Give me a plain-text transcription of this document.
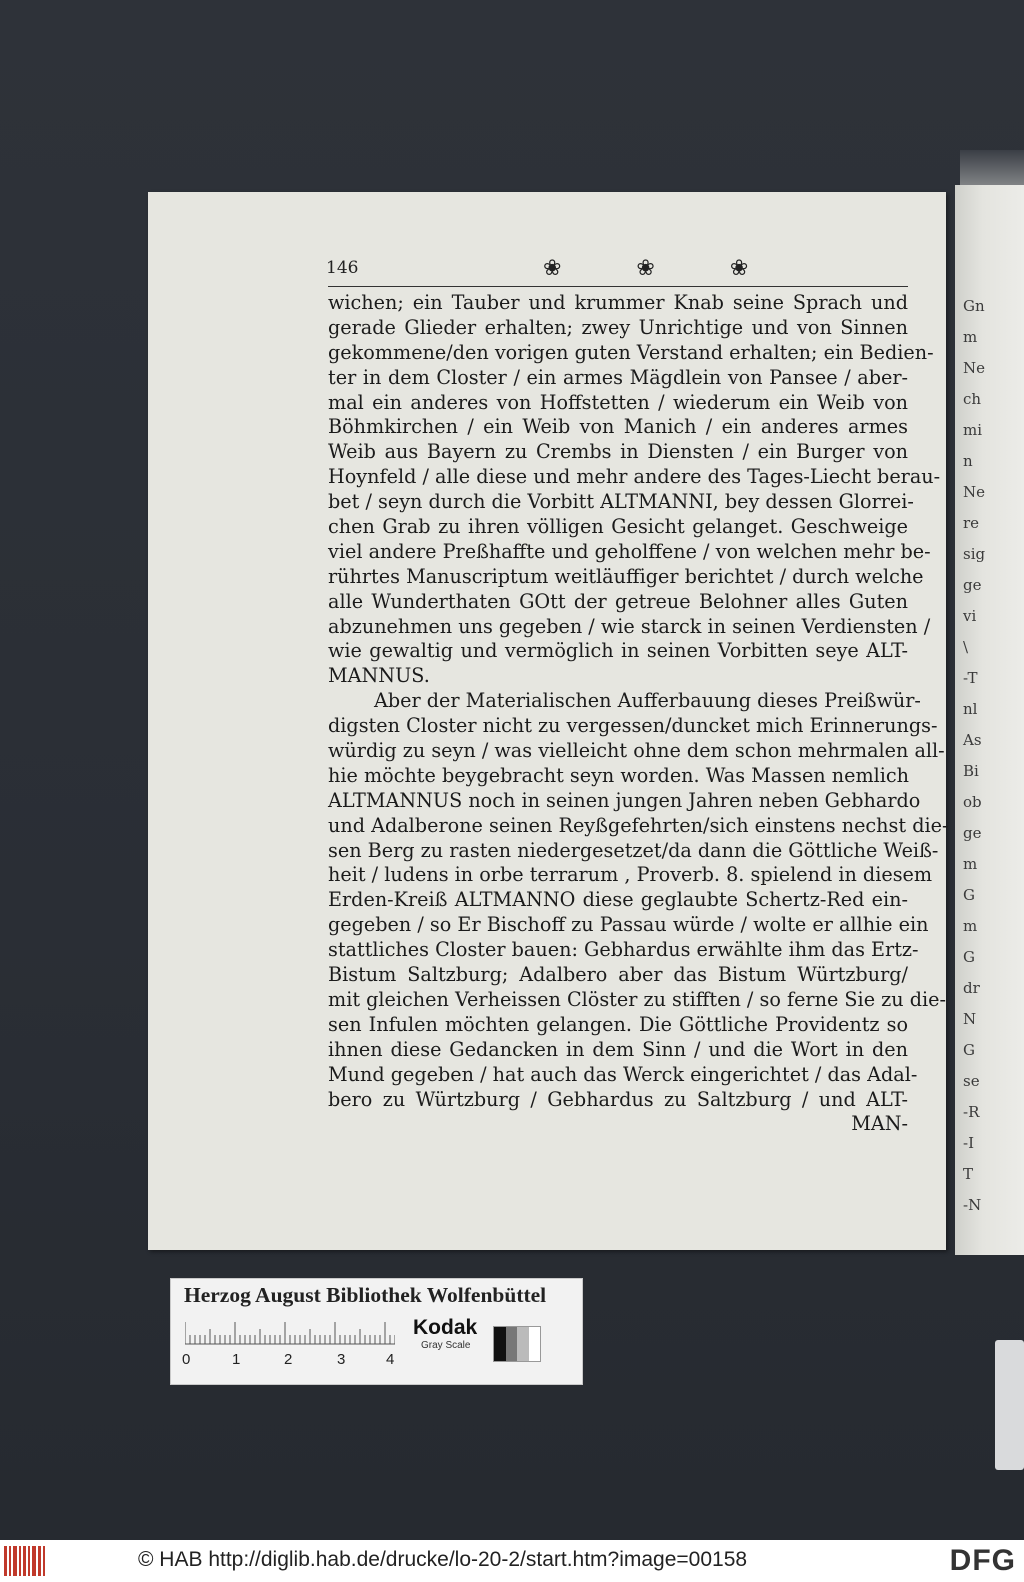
Gn
m
Ne
ch
mi
n
Ne
re
sig
ge
vi
\
-T
nl
As
Bi
ob
ge
m
G
m
G
dr
N
G
se
-R
-I
T
-N
146	❀ ❀ ❀
wichen; ein Tauber und krummer Knab seine Sprach und
gerade Glieder erhalten; zwey Unrichtige und von Sinnen
gekommene/den vorigen guten Verstand erhalten; ein Bedien-
ter in dem Closter / ein armes Mägdlein von Pansee / aber-
mal ein anderes von Hoffstetten / wiederum ein Weib von
Böhmkirchen / ein Weib von Manich / ein anderes armes
Weib aus Bayern zu Crembs in Diensten / ein Burger von
Hoynfeld / alle diese und mehr andere des Tages-Liecht berau-
bet / seyn durch die Vorbitt ALTMANNI, bey dessen Glorrei-
chen Grab zu ihren völligen Gesicht gelanget. Geschweige
viel andere Preßhaffte und geholffene / von welchen mehr be-
rührtes Manuscriptum weitläuffiger berichtet / durch welche
alle Wunderthaten GOtt der getreue Belohner alles Guten
abzunehmen uns gegeben / wie starck in seinen Verdiensten /
wie gewaltig und vermöglich in seinen Vorbitten seye ALT-
MANNUS.
Aber der Materialischen Aufferbauung dieses Preißwür-
digsten Closter nicht zu vergessen/duncket mich Erinnerungs-
würdig zu seyn / was vielleicht ohne dem schon mehrmalen all-
hie möchte beygebracht seyn worden. Was Massen nemlich
ALTMANNUS noch in seinen jungen Jahren neben Gebhardo
und Adalberone seinen Reyßgefehrten/sich einstens nechst die-
sen Berg zu rasten niedergesetzet/da dann die Göttliche Weiß-
heit / ludens in orbe terrarum , Proverb. 8. spielend in diesem
Erden-Kreiß ALTMANNO diese geglaubte Schertz-Red ein-
gegeben / so Er Bischoff zu Passau würde / wolte er allhie ein
stattliches Closter bauen: Gebhardus erwählte ihm das Ertz-
Bistum Saltzburg; Adalbero aber das Bistum Würtzburg/
mit gleichen Verheissen Clöster zu stifften / so ferne Sie zu die-
sen Infulen möchten gelangen. Die Göttliche Providentz so
ihnen diese Gedancken in dem Sinn / und die Wort in den
Mund gegeben / hat auch das Werck eingerichtet / das Adal-
bero zu Würtzburg / Gebhardus zu Saltzburg / und ALT-
MAN-
Herzog August Bibliothek Wolfenbüttel
0	1	2	3	4
Kodak
Gray Scale
© HAB http://diglib.hab.de/drucke/lo-20-2/start.htm?image=00158	DFG
